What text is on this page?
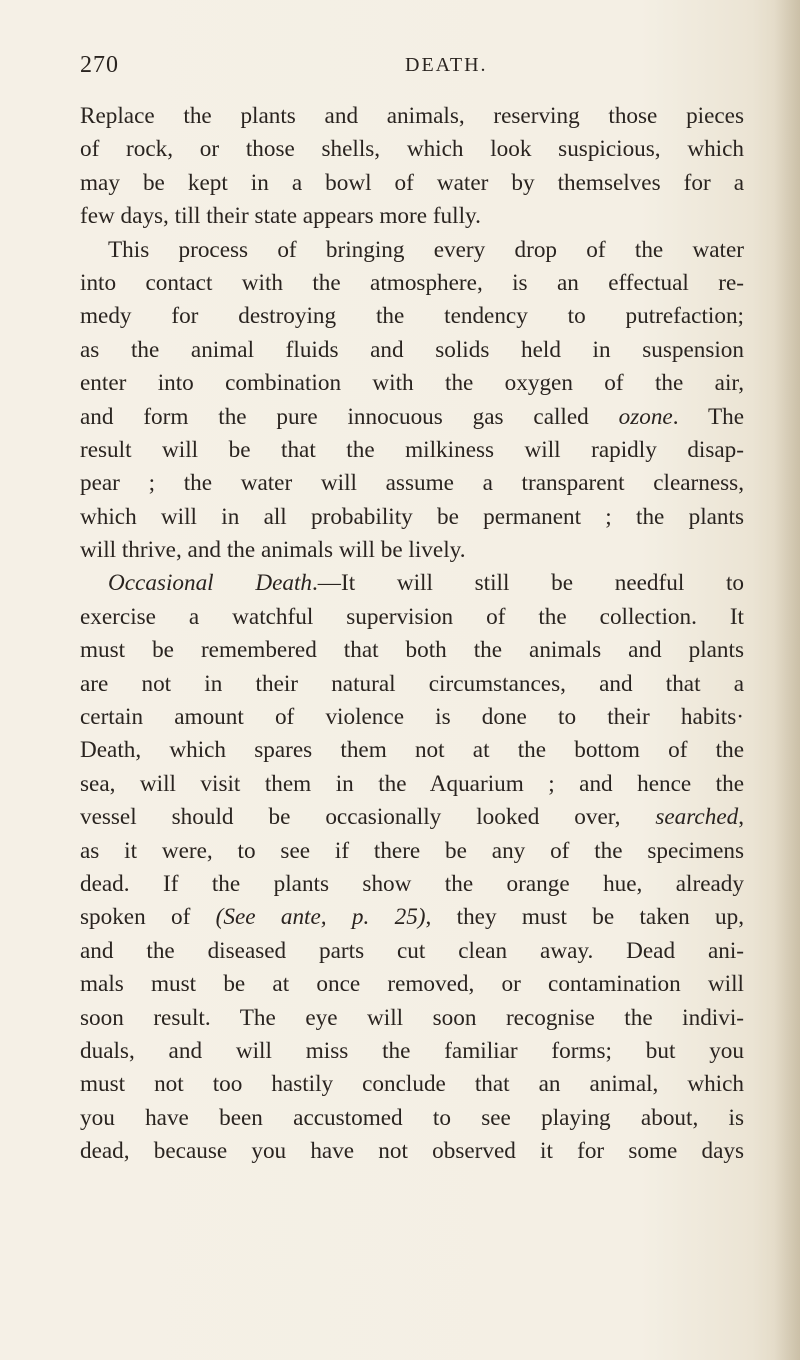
270	DEATH.
Replace the plants and animals, reserving those pieces
of rock, or those shells, which look suspicious, which
may be kept in a bowl of water by themselves for a
few days, till their state appears more fully.
This process of bringing every drop of the water
into contact with the atmosphere, is an effectual re-
medy for destroying the tendency to putrefaction;
as the animal fluids and solids held in suspension
enter into combination with the oxygen of the air,
and form the pure innocuous gas called ozone. The
result will be that the milkiness will rapidly disap-
pear ; the water will assume a transparent clearness,
which will in all probability be permanent ; the plants
will thrive, and the animals will be lively.
Occasional Death.—It will still be needful to
exercise a watchful supervision of the collection. It
must be remembered that both the animals and plants
are not in their natural circumstances, and that a
certain amount of violence is done to their habits·
Death, which spares them not at the bottom of the
sea, will visit them in the Aquarium ; and hence the
vessel should be occasionally looked over, searched,
as it were, to see if there be any of the specimens
dead. If the plants show the orange hue, already
spoken of (See ante, p. 25), they must be taken up,
and the diseased parts cut clean away. Dead ani-
mals must be at once removed, or contamination will
soon result. The eye will soon recognise the indivi-
duals, and will miss the familiar forms; but you
must not too hastily conclude that an animal, which
you have been accustomed to see playing about, is
dead, because you have not observed it for some days
